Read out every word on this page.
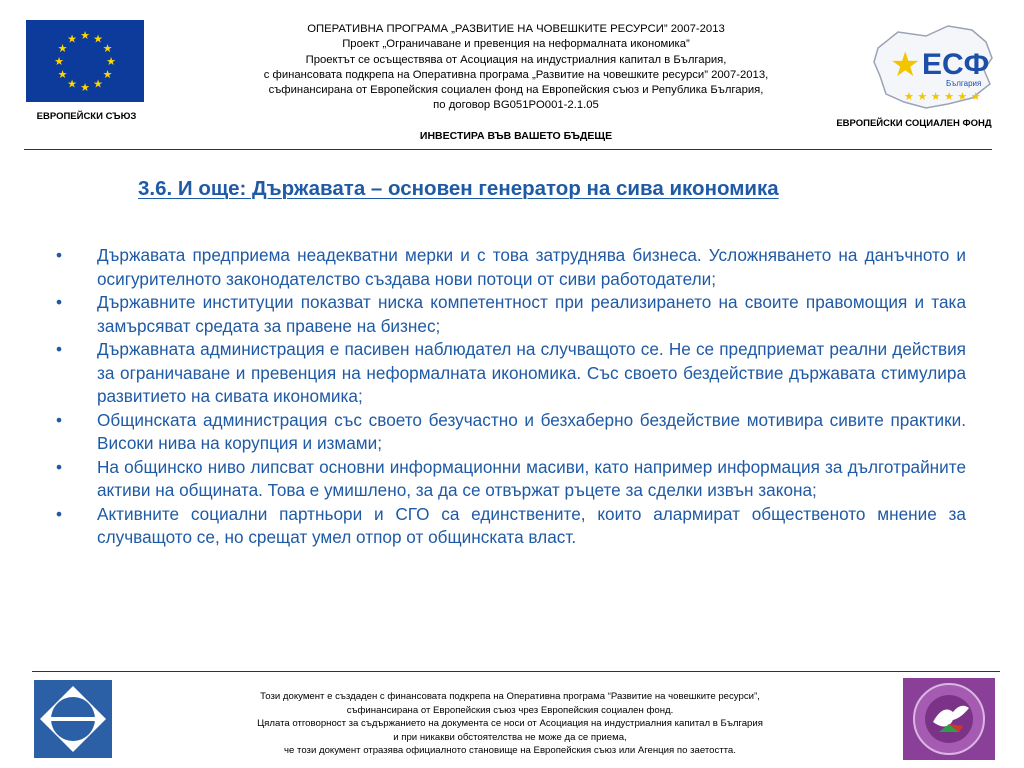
★ ★
★
★
★
★
★
★
★
★
★
★
ЕВРОПЕЙСКИ СЪЮЗ
ОПЕРАТИВНА ПРОГРАМА „РАЗВИТИЕ НА ЧОВЕШКИТЕ РЕСУРСИ” 2007-2013
Проект „Ограничаване и превенция на неформалната икономика”
Проектът се осъществява от Асоциация на индустриалния капитал в България,
с финансовата подкрепа на Оперативна програма „Развитие на човешките ресурси” 2007-2013,
съфинансирана от Европейския социален фонд на Европейския съюз и Република България,
по договор BG051PO001-2.1.05
ИНВЕСТИРА ВЪВ ВАШЕТО БЪДЕЩЕ
★ ЕСФ
България
★ ★ ★ ★ ★ ★
ЕВРОПЕЙСКИ СОЦИАЛЕН ФОНД
3.6. И още: Държавата – основен генератор на сива икономика
• Държавата предприема неадекватни мерки и с това затруднява бизнеса. Усложняването на данъчното и осигурителното законодателство създава нови потоци от сиви работодатели;
• Държавните институции показват ниска компетентност при реализирането на своите правомощия и така замърсяват средата за правене на бизнес;
• Държавната администрация е пасивен наблюдател на случващото се. Не се предприемат реални действия за ограничаване и превенция на неформалната икономика. Със своето бездействие държавата стимулира развитието на сивата икономика;
• Общинската администрация със своето безучастно и безхаберно бездействие мотивира сивите практики. Високи нива на корупция и измами;
• На общинско ниво липсват основни информационни масиви, като например информация за дълготрайните активи на общината. Това е умишлено, за да се отвържат ръцете за сделки извън закона;
• Активните социални партньори и СГО са единствените, които алармират общественото мнение за случващото се, но срещат умел отпор от общинската власт.
Този документ е създаден с финансовата подкрепа на Оперативна програма “Развитие на човешките ресурси”,
съфинансирана от Европейския съюз чрез Европейския социален фонд.
Цялата отговорност за съдържанието на документа се носи от Асоциация на индустриалния капитал в България
и при никакви обстоятелства не може да се приема,
че този документ отразява официалното становище на Европейския съюз или Агенция по заетостта.
